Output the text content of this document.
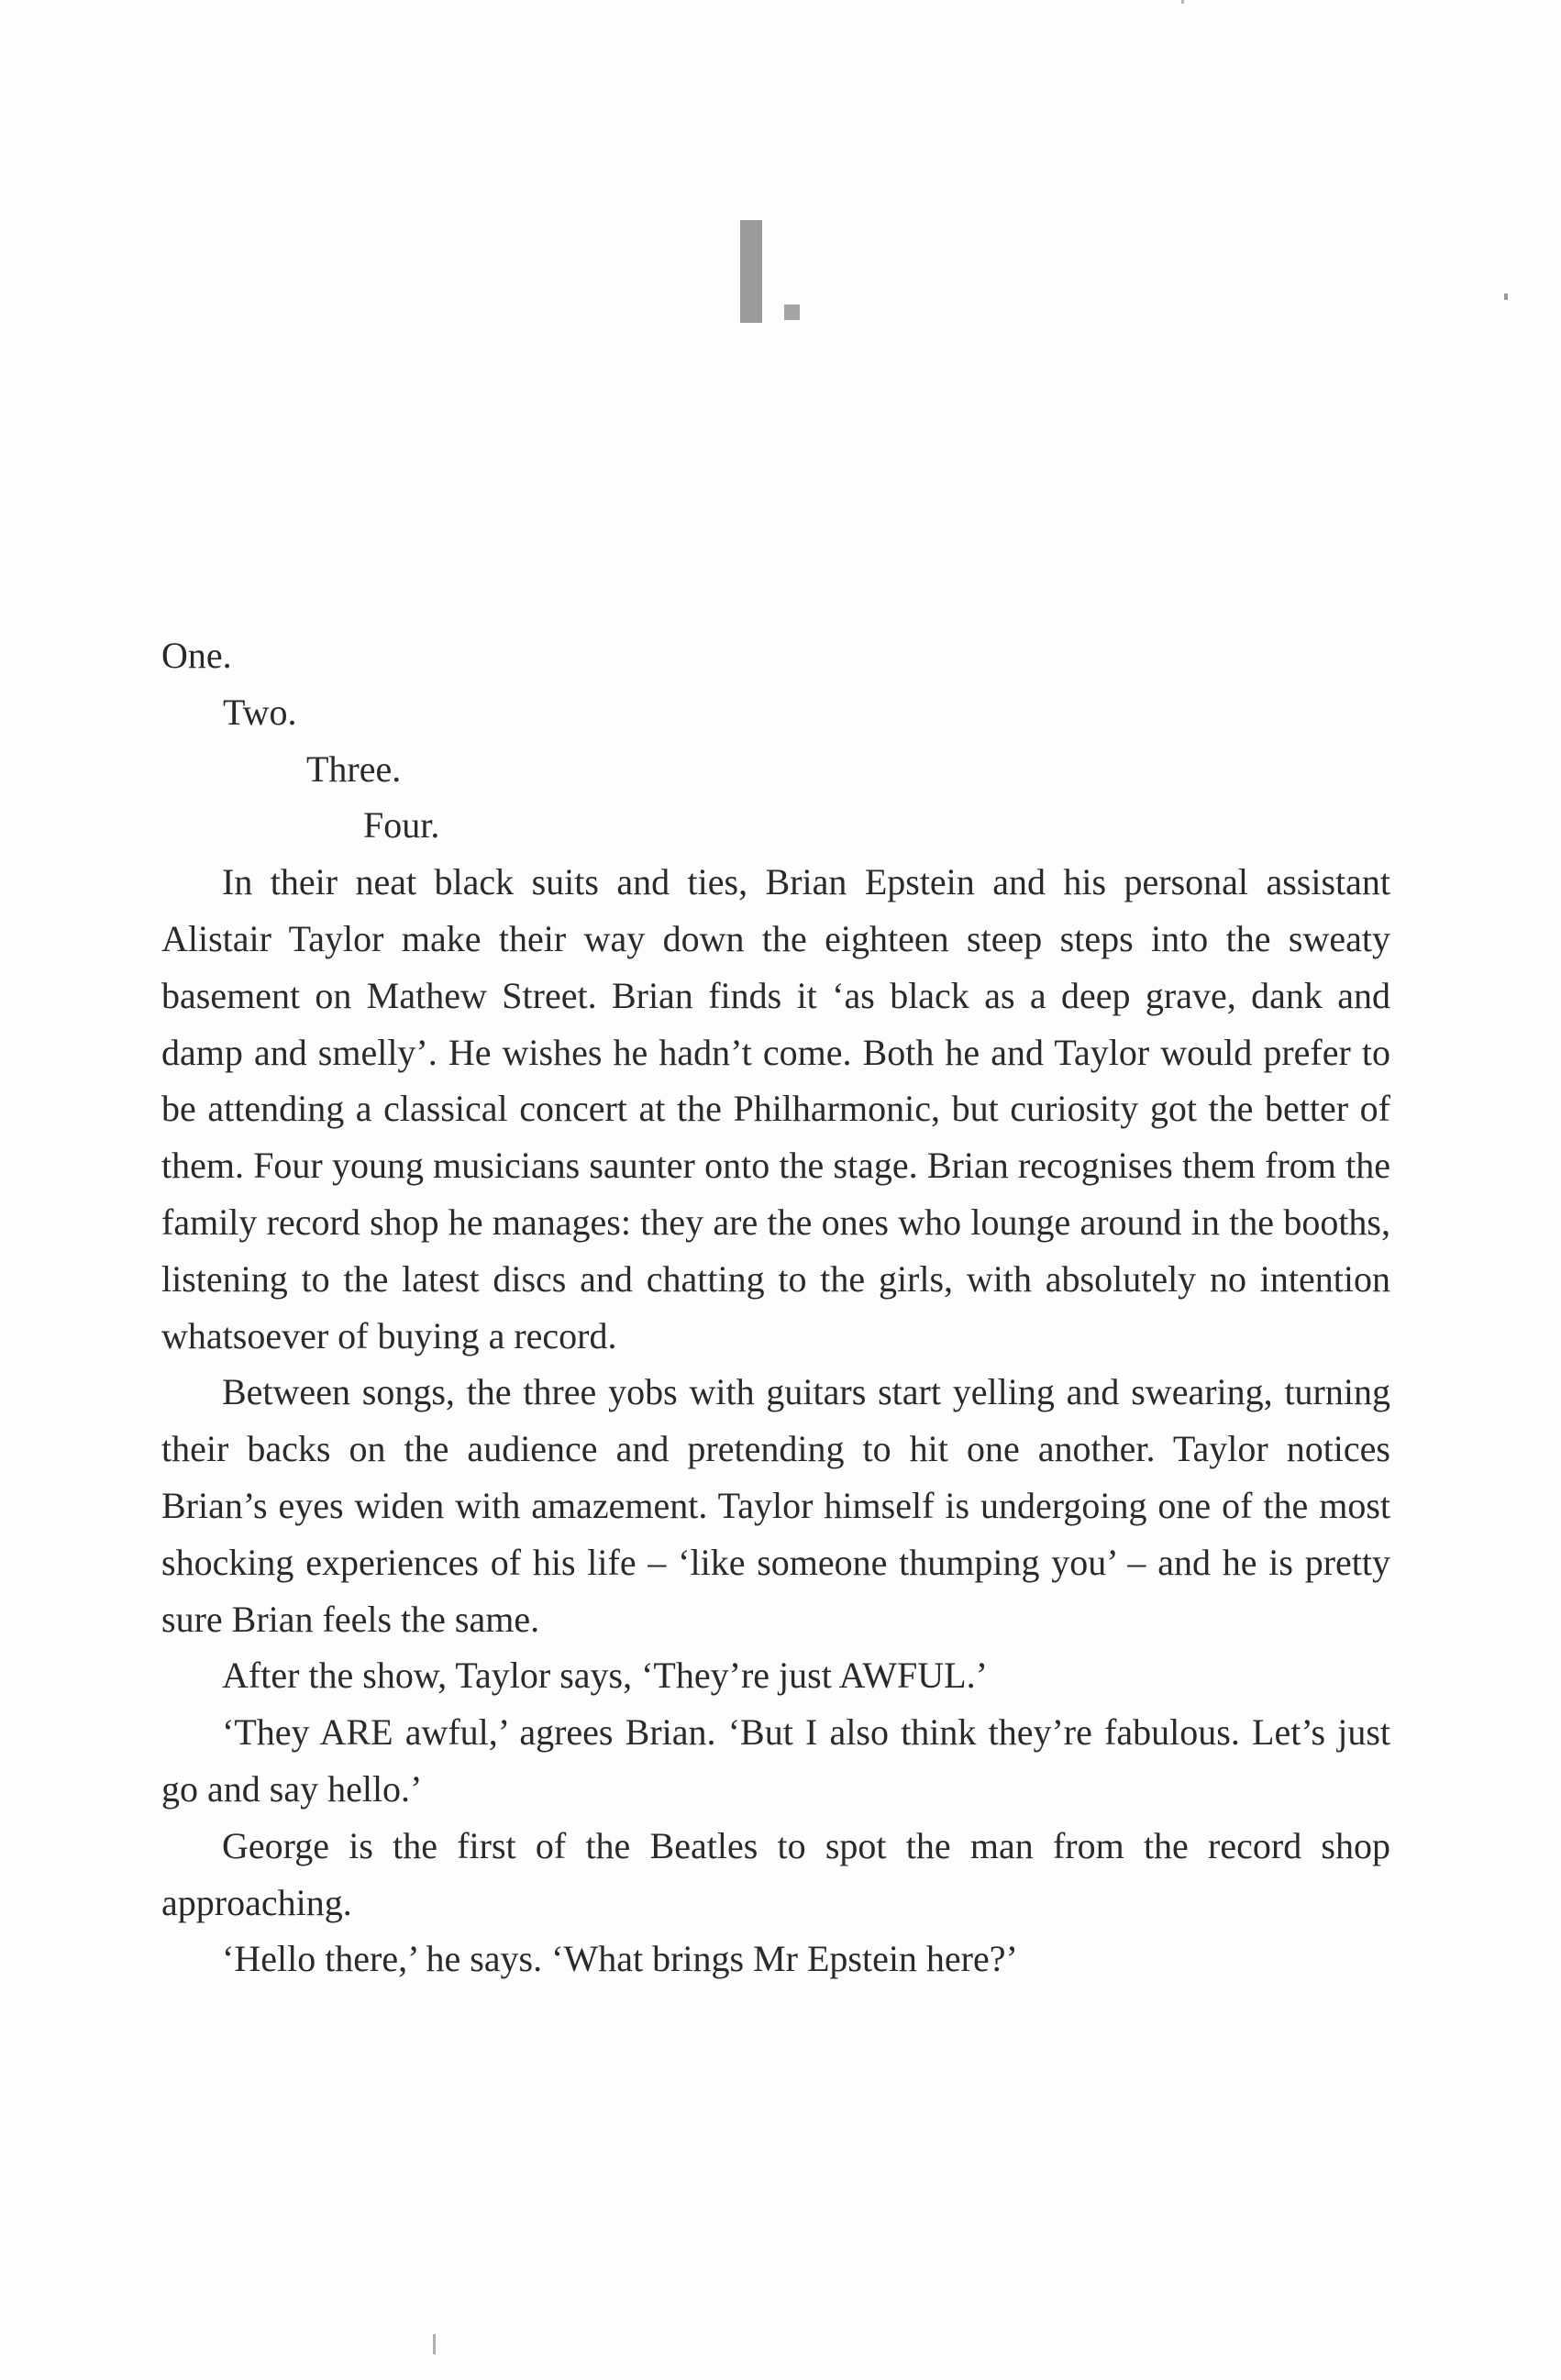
One.

Two.

Three.

Four.

In their neat black suits and ties, Brian Epstein and his personal assistant Alistair Taylor make their way down the eighteen steep steps into the sweaty basement on Mathew Street. Brian finds it ‘as black as a deep grave, dank and damp and smelly’. He wishes he hadn’t come. Both he and Taylor would prefer to be attending a classical concert at the Philharmonic, but curiosity got the better of them. Four young musicians saunter onto the stage. Brian recognises them from the family record shop he manages: they are the ones who lounge around in the booths, listening to the latest discs and chatting to the girls, with absolutely no intention whatsoever of buying a record.

Between songs, the three yobs with guitars start yelling and swearing, turning their backs on the audience and pretending to hit one another. Taylor notices Brian’s eyes widen with amazement. Taylor himself is undergoing one of the most shocking experiences of his life – ‘like someone thumping you’ – and he is pretty sure Brian feels the same.

After the show, Taylor says, ‘They’re just AWFUL.’

‘They ARE awful,’ agrees Brian. ‘But I also think they’re fabulous. Let’s just go and say hello.’

George is the first of the Beatles to spot the man from the record shop approaching.

‘Hello there,’ he says. ‘What brings Mr Epstein here?’
